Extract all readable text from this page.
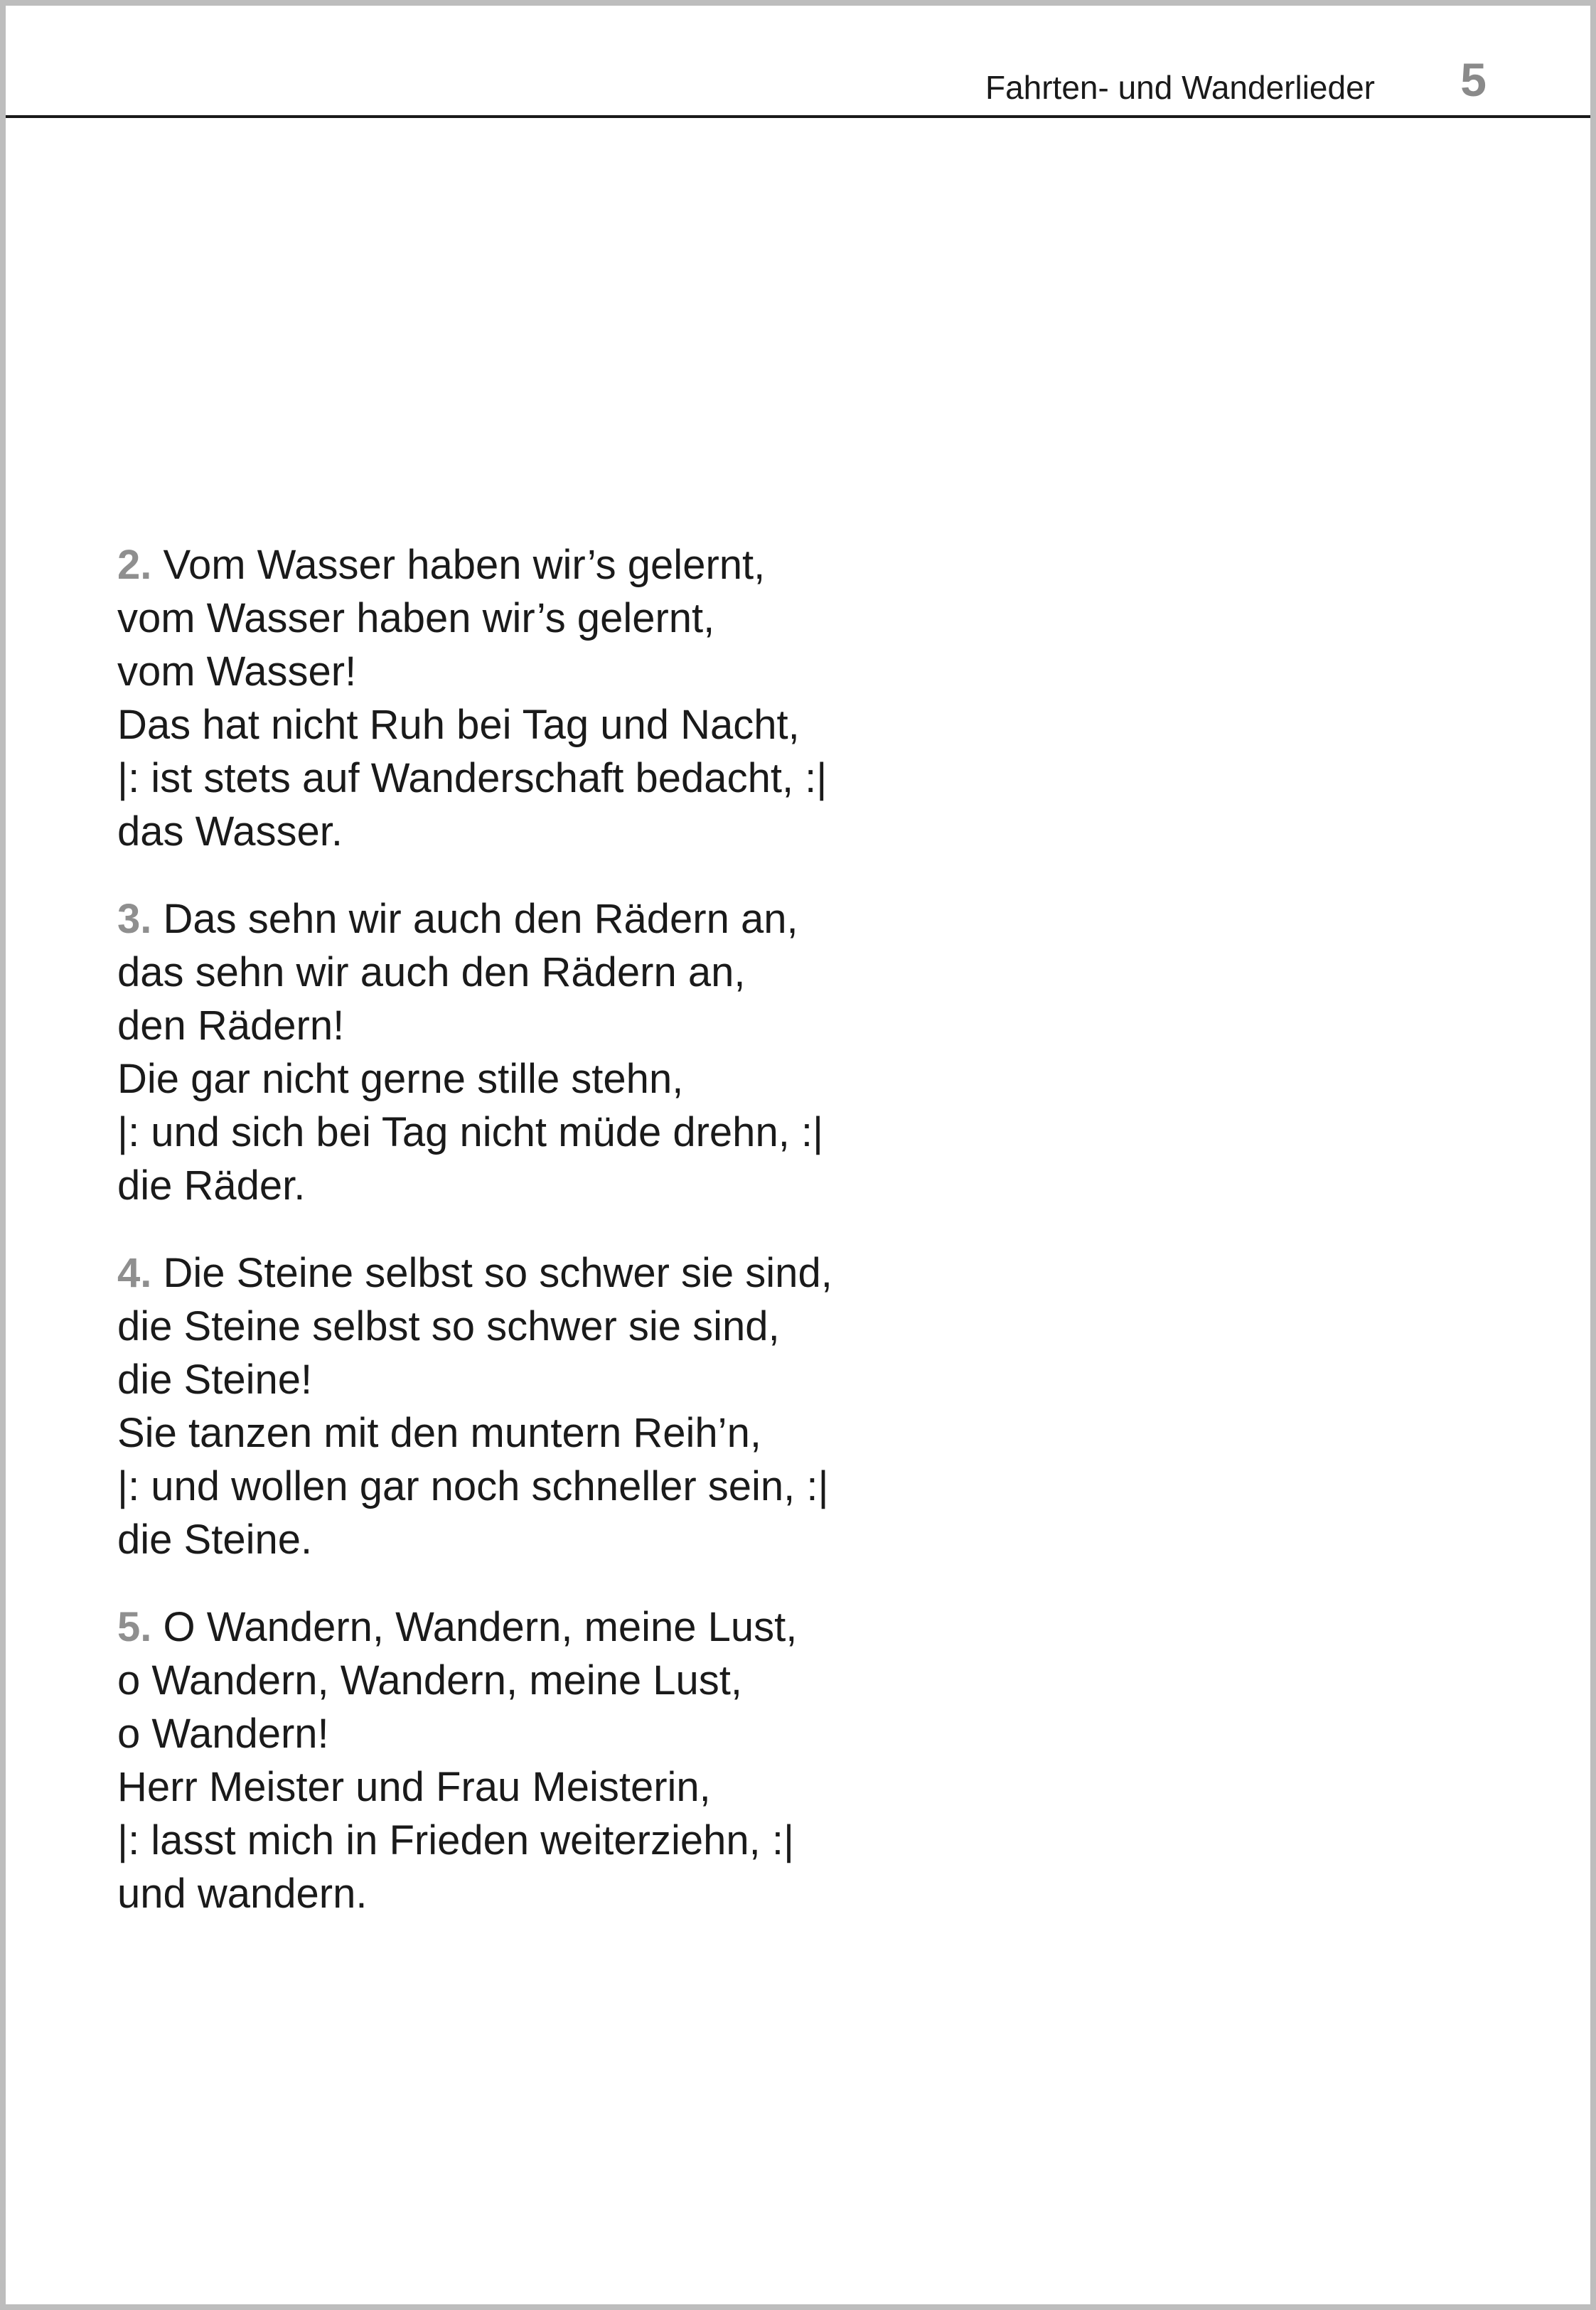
Fahrten- und Wanderlieder 5
2. Vom Wasser haben wir’s gelernt,
vom Wasser haben wir’s gelernt,
vom Wasser!
Das hat nicht Ruh bei Tag und Nacht,
|: ist stets auf Wanderschaft bedacht, :|
das Wasser.
3. Das sehn wir auch den Rädern an,
das sehn wir auch den Rädern an,
den Rädern!
Die gar nicht gerne stille stehn,
|: und sich bei Tag nicht müde drehn, :|
die Räder.
4. Die Steine selbst so schwer sie sind,
die Steine selbst so schwer sie sind,
die Steine!
Sie tanzen mit den muntern Reih’n,
|: und wollen gar noch schneller sein, :|
die Steine.
5. O Wandern, Wandern, meine Lust,
o Wandern, Wandern, meine Lust,
o Wandern!
Herr Meister und Frau Meisterin,
|: lasst mich in Frieden weiterziehn, :|
und wandern.
